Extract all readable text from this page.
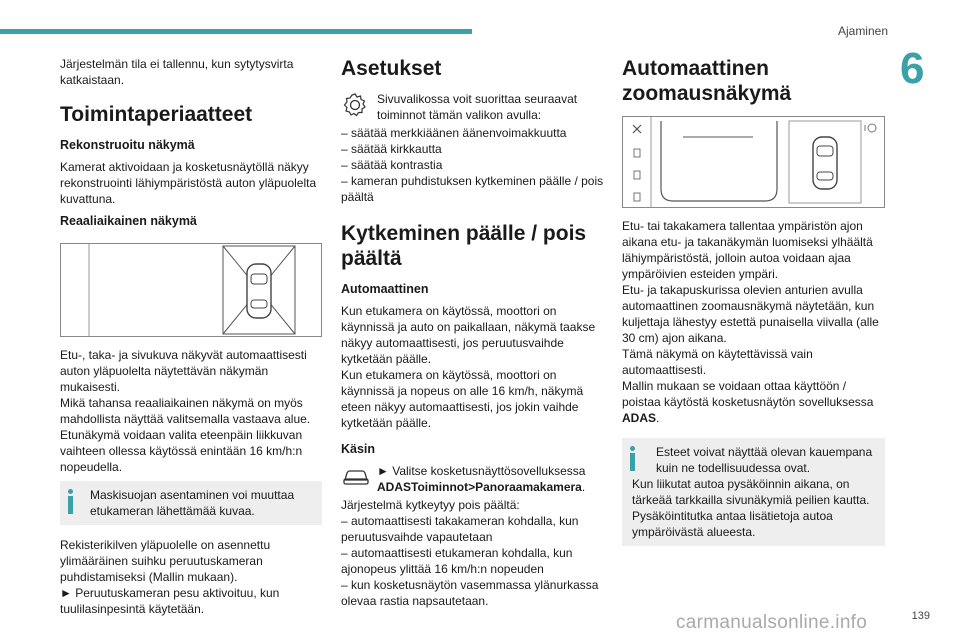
Ajaminen
6

Järjestelmän tila ei tallennu, kun sytytysvirta katkaistaan.

Toimintaperiaatteet
Rekonstruoitu näkymä

Kamerat aktivoidaan ja kosketusnäytöllä näkyy rekonstruointi lähiympäristöstä auton yläpuolelta kuvattuna.

Reaaliaikainen näkymä

Etu-, taka- ja sivukuva näkyvät automaattisesti auton yläpuolelta näytettävän näkymän mukaisesti.

Mikä tahansa reaaliaikainen näkymä on myös mahdollista näyttää valitsemalla vastaava alue.

Etunäkymä voidaan valita eteenpäin liikkuvan vaihteen ollessa käytössä enintään 16 km/h:n nopeudella.

Maskisuojan asentaminen voi muuttaa etukameran lähettämää kuvaa.

Rekisterikilven yläpuolelle on asennettu ylimääräinen suihku peruutuskameran puhdistamiseksi (Mallin mukaan).

► Peruutuskameran pesu aktivoituu, kun tuulilasinpesintä käytetään.

Asetukset
Sivuvalikossa voit suorittaa seuraavat toiminnot tämän valikon avulla:
– säätää merkkiäänen äänenvoimakkuutta
– säätää kirkkautta
– säätää kontrastia
– kameran puhdistuksen kytkeminen päälle / pois päältä
Kytkeminen päälle / pois päältä
Automaattinen

Kun etukamera on käytössä, moottori on käynnissä ja auto on paikallaan, näkymä taakse näkyy automaattisesti, jos peruutusvaihde kytketään päälle.

Kun etukamera on käytössä, moottori on käynnissä ja nopeus on alle 16 km/h, näkymä eteen näkyy automaattisesti, jos jokin vaihde kytketään päälle.

Käsin
► Valitse kosketusnäyttösovelluksessa ADASToiminnot>Panoraamakamera.
Järjestelmä kytkeytyy pois päältä:
– automaattisesti takakameran kohdalla, kun peruutusvaihde vapautetaan
– automaattisesti etukameran kohdalla, kun ajonopeus ylittää 16 km/h:n nopeuden
– kun kosketusnäytön vasemmassa ylänurkassa olevaa rastia napsautetaan.
Automaattinen zoomausnäkymä

Etu- tai takakamera tallentaa ympäristön ajon aikana etu- ja takanäkymän luomiseksi ylhäältä lähiympäristöstä, jolloin autoa voidaan ajaa ympäröivien esteiden ympäri.

Etu- ja takapuskurissa olevien anturien avulla automaattinen zoomausnäkymä näytetään, kun kuljettaja lähestyy estettä punaisella viivalla (alle 30 cm) ajon aikana.

Tämä näkymä on käytettävissä vain automaattisesti.

Mallin mukaan se voidaan ottaa käyttöön / poistaa käytöstä kosketusnäytön sovelluksessa ADAS.

Esteet voivat näyttää olevan kauempana kuin ne todellisuudessa ovat.
Kun liikutat autoa pysäköinnin aikana, on tärkeää tarkkailla sivunäkymiä peilien kautta.
Pysäköintitutka antaa lisätietoja autoa ympäröivästä alueesta.
139
carmanualsonline.info
